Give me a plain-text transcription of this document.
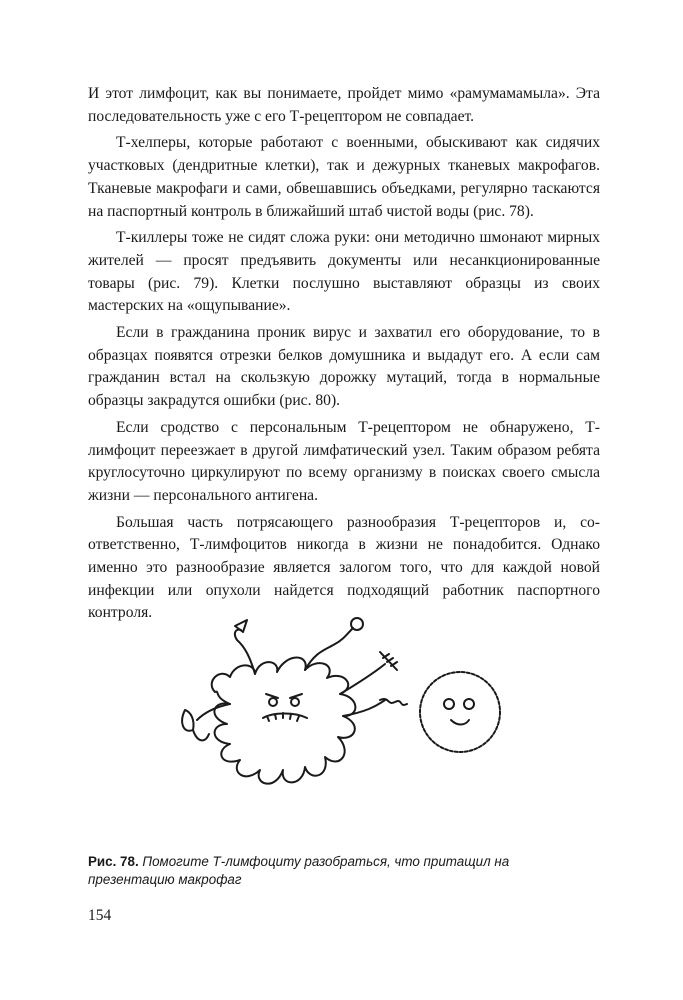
И этот лимфоцит, как вы понимаете, пройдет мимо «рамумамамыла». Эта последовательность уже с его Т-рецептором не совпадает.

Т-хелперы, которые работают с военными, обыскивают как сидячих участковых (дендритные клетки), так и дежурных тканевых макрофагов. Тканевые макрофаги и сами, обвешавшись объедками, регулярно таскаются на паспортный контроль в ближайший штаб чистой воды (рис. 78).

Т-киллеры тоже не сидят сложа руки: они методично шмонают мирных жителей — просят предъявить документы или несанкционированные товары (рис. 79). Клетки послушно выставляют образцы из своих мастерских на «ощупывание».

Если в гражданина проник вирус и захватил его оборудование, то в образцах появятся отрезки белков домушника и выдадут его. А если сам гражданин встал на скользкую дорожку мутаций, тогда в нормальные образцы закрадутся ошибки (рис. 80).

Если сродство с персональным Т-рецептором не обнаружено, Т-лимфоцит переезжает в другой лимфатический узел. Таким образом ребята круглосуточно циркулируют по всему организму в поисках своего смысла жизни — персонального антигена.

Большая часть потрясающего разнообразия Т-рецепторов и, соответственно, Т-лимфоцитов никогда в жизни не понадобится. Однако именно это разнообразие является залогом того, что для каждой новой инфекции или опухоли найдется подходящий работник паспортного контроля.

Рис. 78. Помогите Т-лимфоциту разобраться, что притащил на презентацию макрофаг
154
